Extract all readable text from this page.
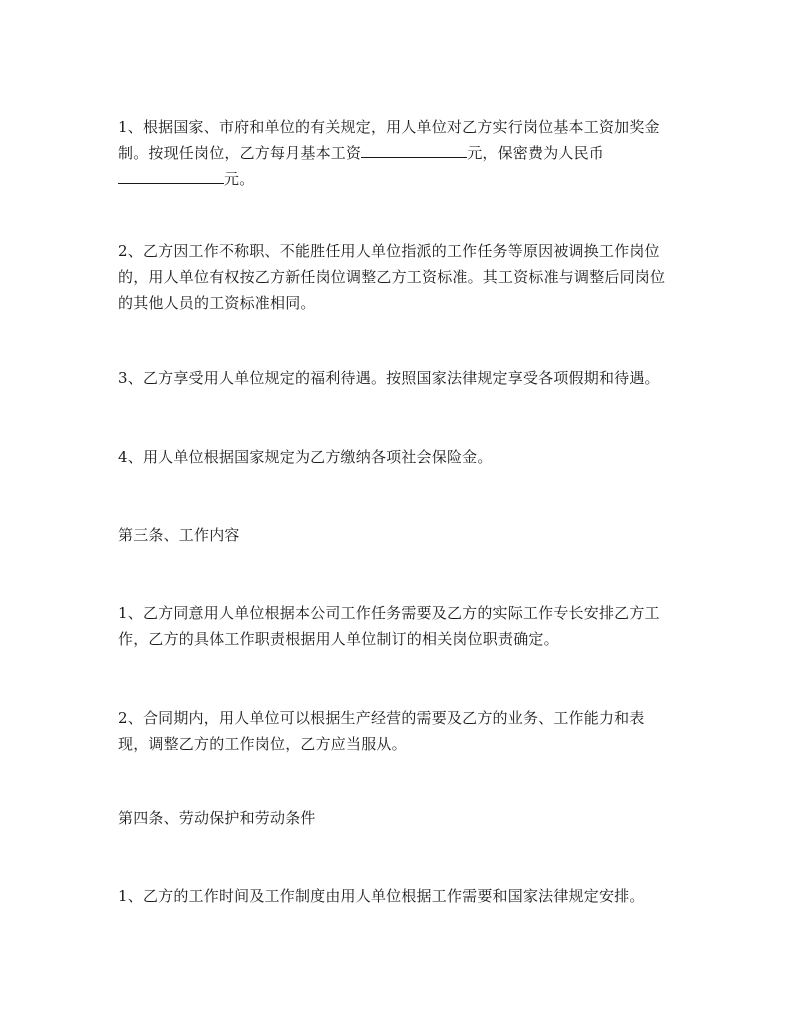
1、根据国家、市府和单位的有关规定，用人单位对乙方实行岗位基本工资加奖金
制。按现任岗位，乙方每月基本工资	元，保密费为人民币
元。

2、乙方因工作不称职、不能胜任用人单位指派的工作任务等原因被调换工作岗位
的，用人单位有权按乙方新任岗位调整乙方工资标准。其工资标准与调整后同岗位
的其他人员的工资标准相同。

3、乙方享受用人单位规定的福利待遇。按照国家法律规定享受各项假期和待遇。

4、用人单位根据国家规定为乙方缴纳各项社会保险金。

第三条、工作内容

1、乙方同意用人单位根据本公司工作任务需要及乙方的实际工作专长安排乙方工
作，乙方的具体工作职责根据用人单位制订的相关岗位职责确定。

2、合同期内，用人单位可以根据生产经营的需要及乙方的业务、工作能力和表
现，调整乙方的工作岗位，乙方应当服从。

第四条、劳动保护和劳动条件

1、乙方的工作时间及工作制度由用人单位根据工作需要和国家法律规定安排。
